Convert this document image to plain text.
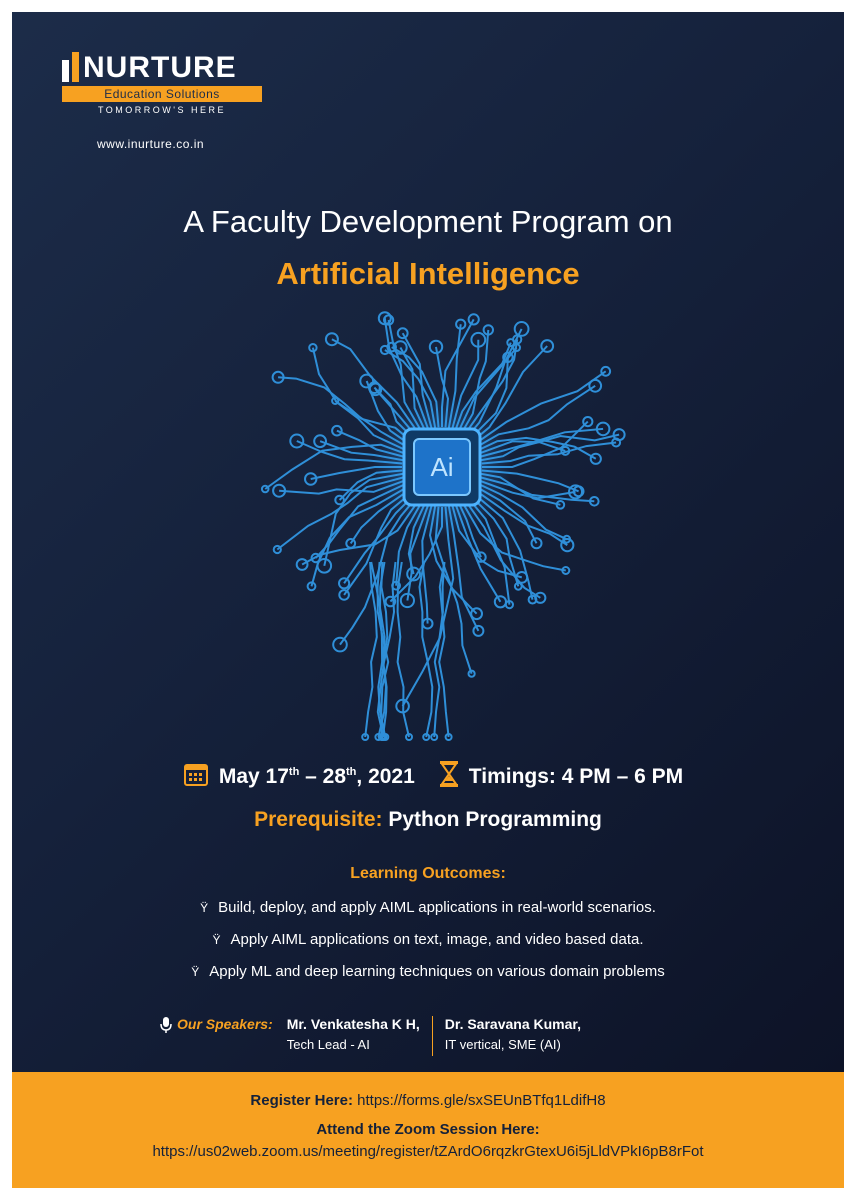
NURTURE
Education Solutions
TOMORROW'S HERE
www.inurture.co.in
A Faculty Development Program on
Artificial Intelligence
Ai
May 17th – 28th, 2021	Timings: 4 PM – 6 PM
Prerequisite: Python Programming
Learning Outcomes:
Ÿ Build, deploy, and apply AIML applications in real-world scenarios.
Ÿ Apply AIML applications on text, image, and video based data.
Ÿ Apply ML and deep learning techniques on various domain problems
Our Speakers: Mr. Venkatesha K H,
Tech Lead - AI
Dr. Saravana Kumar,
IT vertical, SME (AI)
Register Here: https://forms.gle/sxSEUnBTfq1LdifH8
Attend the Zoom Session Here:
https://us02web.zoom.us/meeting/register/tZArdO6rqzkrGtexU6i5jLldVPkI6pB8rFot
